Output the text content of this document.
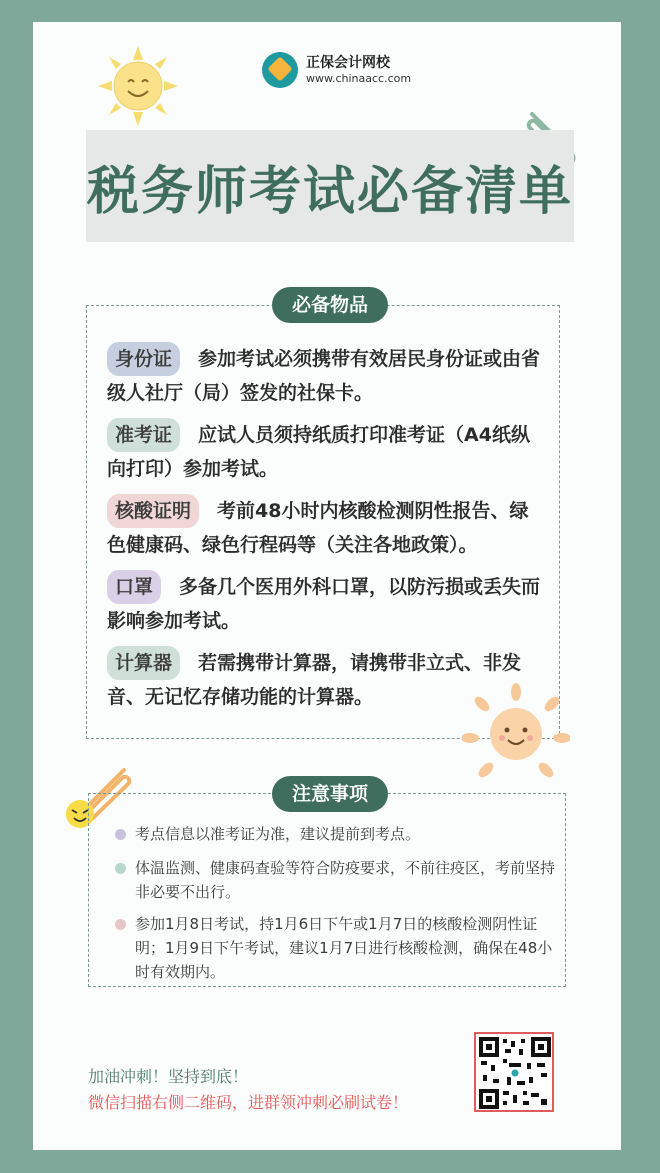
正保会计网校
www.chinaacc.com
税务师考试必备清单
身份证 参加考试必须携带有效居民身份证或由省级人社厅（局）签发的社保卡。
准考证 应试人员须持纸质打印准考证（A4纸纵向打印）参加考试。
核酸证明 考前48小时内核酸检测阴性报告、绿色健康码、绿色行程码等（关注各地政策）。
口罩 多备几个医用外科口罩，以防污损或丢失而影响参加考试。
计算器 若需携带计算器，请携带非立式、非发音、无记忆存储功能的计算器。
必备物品
考点信息以准考证为准，建议提前到考点。
体温监测、健康码查验等符合防疫要求，不前往疫区，考前坚持非必要不出行。
参加1月8日考试，持1月6日下午或1月7日的核酸检测阴性证明；1月9日下午考试，建议1月7日进行核酸检测，确保在48小时有效期内。
注意事项
加油冲刺！坚持到底！
微信扫描右侧二维码，进群领冲刺必刷试卷！
